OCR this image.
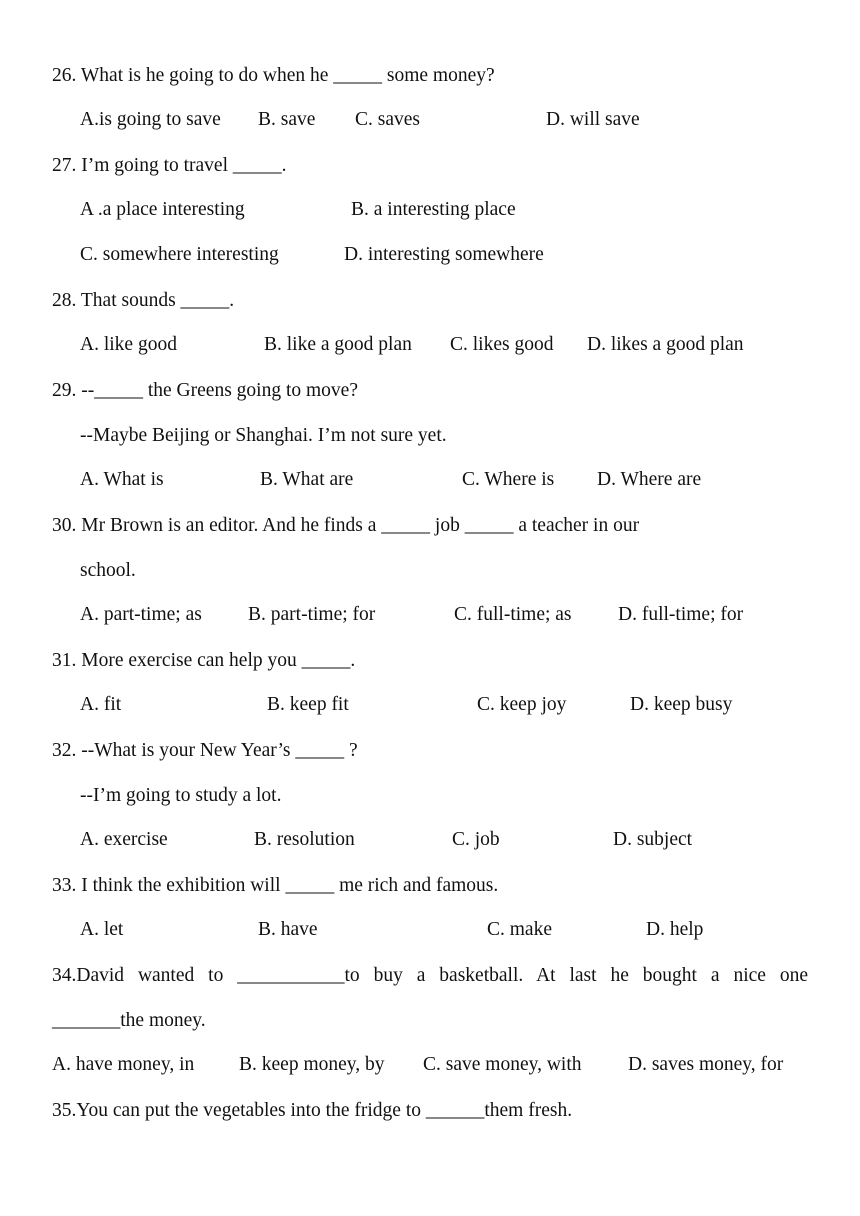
26. What is he going to do when he _____ some money?
A.is going to save B. save C. saves	D. will save
27. I’m going to travel _____.
A .a place interesting	B. a interesting place
C. somewhere interesting	D. interesting somewhere
28. That sounds _____.
A. like good	B. like a good plan C. likes good D. likes a good plan
29. --_____ the Greens going to move?
--Maybe Beijing or Shanghai. I’m not sure yet.
A. What is	B. What are	C. Where is D. Where are
30. Mr Brown is an editor. And he finds a _____ job _____ a teacher in our
school.
A. part-time; as B. part-time; for	C. full-time; as D. full-time; for
31. More exercise can help you _____.
A. fit	B. keep fit	C. keep joy	D. keep busy
32. --What is your New Year’s _____ ?
--I’m going to study a lot.
A. exercise	B. resolution	C. job	D. subject
33. I think the exhibition will _____ me rich and famous.
A. let	B. have	C. make	D. help
34.David wanted to ___________to buy a basketball. At last he bought a nice one
_______the money.
A. have money, in B. keep money, by C. save money, with D. saves money, for
35.You can put the vegetables into the fridge to ______them fresh.
